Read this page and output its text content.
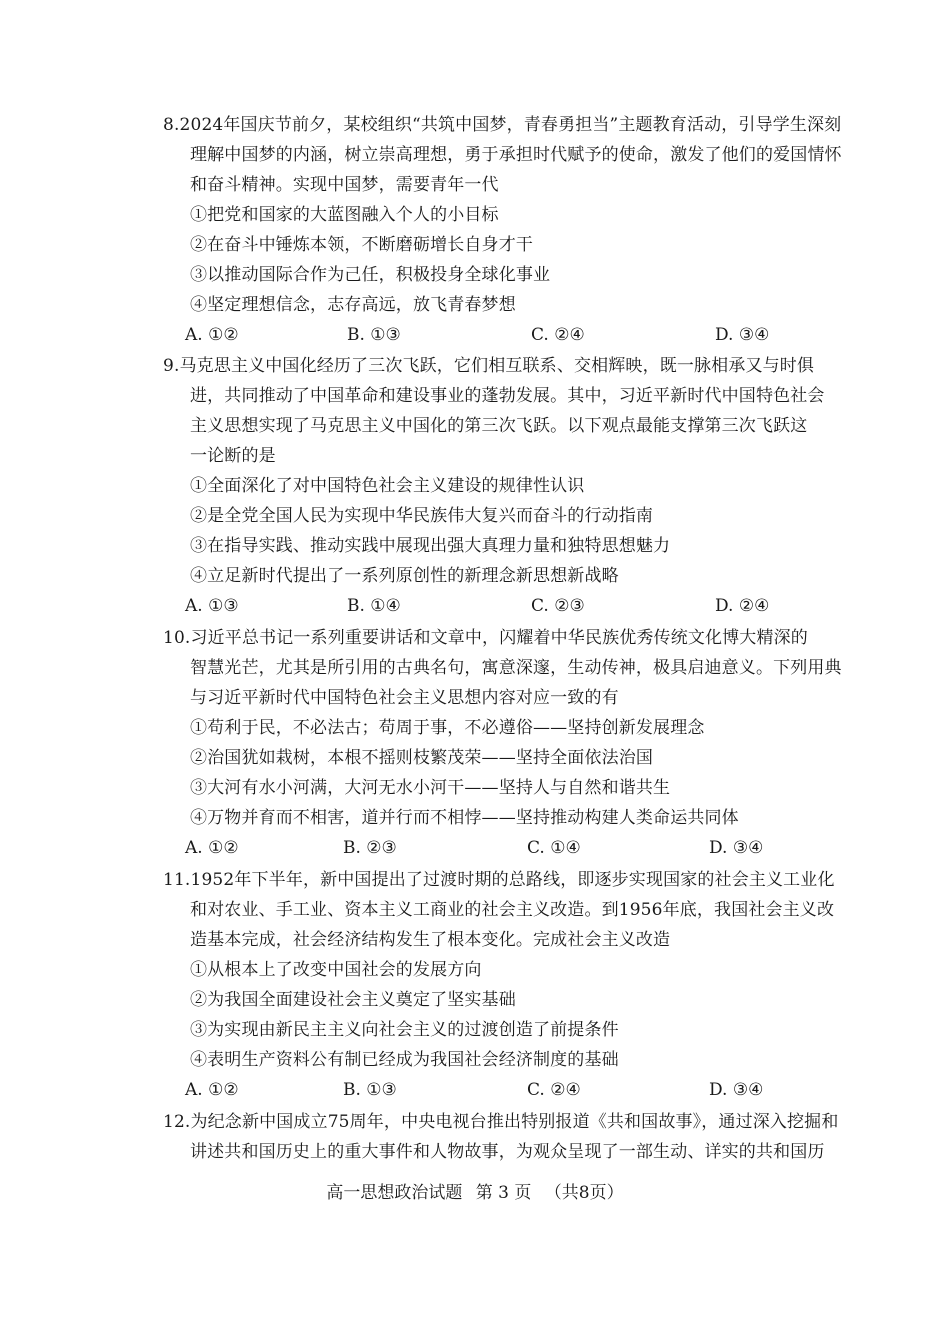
8.2024年国庆节前夕，某校组织“共筑中国梦，青春勇担当”主题教育活动，引导学生深刻
理解中国梦的内涵，树立崇高理想，勇于承担时代赋予的使命，激发了他们的爱国情怀
和奋斗精神。实现中国梦，需要青年一代
①把党和国家的大蓝图融入个人的小目标
②在奋斗中锤炼本领，不断磨砺增长自身才干
③以推动国际合作为己任，积极投身全球化事业
④坚定理想信念，志存高远，放飞青春梦想
A. ①②	B. ①③	C. ②④	D. ③④
9.马克思主义中国化经历了三次飞跃，它们相互联系、交相辉映，既一脉相承又与时俱
进，共同推动了中国革命和建设事业的蓬勃发展。其中，习近平新时代中国特色社会
主义思想实现了马克思主义中国化的第三次飞跃。以下观点最能支撑第三次飞跃这
一论断的是
①全面深化了对中国特色社会主义建设的规律性认识
②是全党全国人民为实现中华民族伟大复兴而奋斗的行动指南
③在指导实践、推动实践中展现出强大真理力量和独特思想魅力
④立足新时代提出了一系列原创性的新理念新思想新战略
A. ①③	B. ①④	C. ②③	D. ②④
10.习近平总书记一系列重要讲话和文章中，闪耀着中华民族优秀传统文化博大精深的
智慧光芒，尤其是所引用的古典名句，寓意深邃，生动传神，极具启迪意义。下列用典
与习近平新时代中国特色社会主义思想内容对应一致的有
①苟利于民，不必法古；苟周于事，不必遵俗——坚持创新发展理念
②治国犹如栽树，本根不摇则枝繁茂荣——坚持全面依法治国
③大河有水小河满，大河无水小河干——坚持人与自然和谐共生
④万物并育而不相害，道并行而不相悖——坚持推动构建人类命运共同体
A. ①②	B. ②③	C. ①④	D. ③④
11.1952年下半年，新中国提出了过渡时期的总路线，即逐步实现国家的社会主义工业化
和对农业、手工业、资本主义工商业的社会主义改造。到1956年底，我国社会主义改
造基本完成，社会经济结构发生了根本变化。完成社会主义改造
①从根本上了改变中国社会的发展方向
②为我国全面建设社会主义奠定了坚实基础
③为实现由新民主主义向社会主义的过渡创造了前提条件
④表明生产资料公有制已经成为我国社会经济制度的基础
A. ①②	B. ①③	C. ②④	D. ③④
12.为纪念新中国成立75周年，中央电视台推出特别报道《共和国故事》，通过深入挖掘和
讲述共和国历史上的重大事件和人物故事，为观众呈现了一部生动、详实的共和国历
高一思想政治试题 第 3 页 （共8页）
